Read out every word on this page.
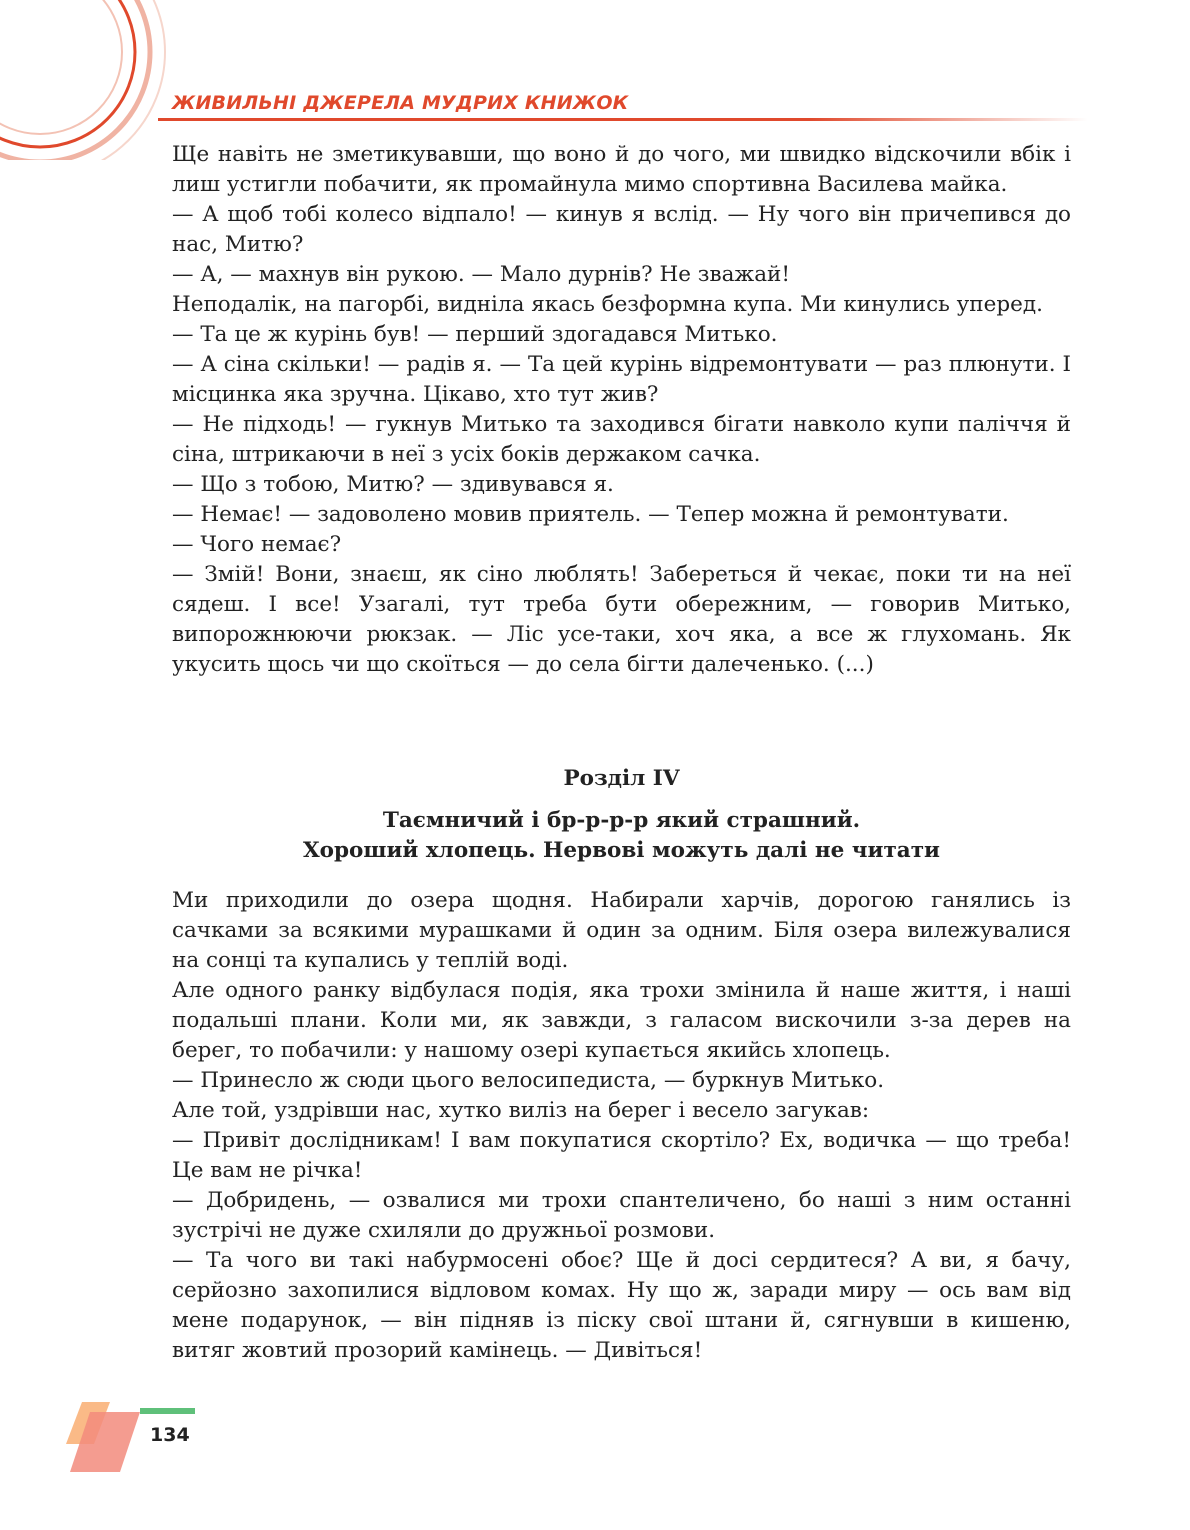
ЖИВИЛЬНІ ДЖЕРЕЛА МУДРИХ КНИЖОК

Ще навіть не зметикувавши, що воно й до чого, ми швидко відскочили вбік і лиш устигли побачити, як промайнула мимо спортивна Василева майка.

— А щоб тобі колесо відпало! — кинув я вслід. — Ну чого він причепився до нас, Митю?

— А, — махнув він рукою. — Мало дурнів? Не зважай!

Неподалік, на пагорбі, видніла якась безформна купа. Ми кинулись уперед.

— Та це ж курінь був! — перший здогадався Митько.

— А сіна скільки! — радів я. — Та цей курінь відремонтувати — раз плюнути. І місцинка яка зручна. Цікаво, хто тут жив?

— Не підходь! — гукнув Митько та заходився бігати навколо купи паліччя й сіна, штрикаючи в неї з усіх боків держаком сачка.

— Що з тобою, Митю? — здивувався я.

— Немає! — задоволено мовив приятель. — Тепер можна й ремонтувати.

— Чого немає?

— Змій! Вони, знаєш, як сіно люблять! Забереться й чекає, поки ти на неї сядеш. І все! Узагалі, тут треба бути обережним, — говорив Митько, випорожнюючи рюкзак. — Ліс усе-таки, хоч яка, а все ж глухомань. Як укусить щось чи що скоїться — до села бігти далеченько. (...)

Розділ IV
Таємничий і бр-р-р-р який страшний.
Хороший хлопець. Нервові можуть далі не читати

Ми приходили до озера щодня. Набирали харчів, дорогою ганялись із сачками за всякими мурашками й один за одним. Біля озера вилежувалися на сонці та купались у теплій воді.

Але одного ранку відбулася подія, яка трохи змінила й наше життя, і наші подальші плани. Коли ми, як завжди, з галасом вискочили з-за дерев на берег, то побачили: у нашому озері купається якийсь хлопець.

— Принесло ж сюди цього велосипедиста, — буркнув Митько.

Але той, уздрівши нас, хутко виліз на берег і весело загукав:

— Привіт дослідникам! І вам покупатися скортіло? Ех, водичка — що треба! Це вам не річка!

— Добридень, — озвалися ми трохи спантеличено, бо наші з ним останні зустрічі не дуже схиляли до дружньої розмови.

— Та чого ви такі набурмосені обоє? Ще й досі сердитеся? А ви, я бачу, серйозно захопилися відловом комах. Ну що ж, заради миру — ось вам від мене подарунок, — він підняв із піску свої штани й, сягнувши в кишеню, витяг жовтий прозорий камінець. — Дивіться!

134
